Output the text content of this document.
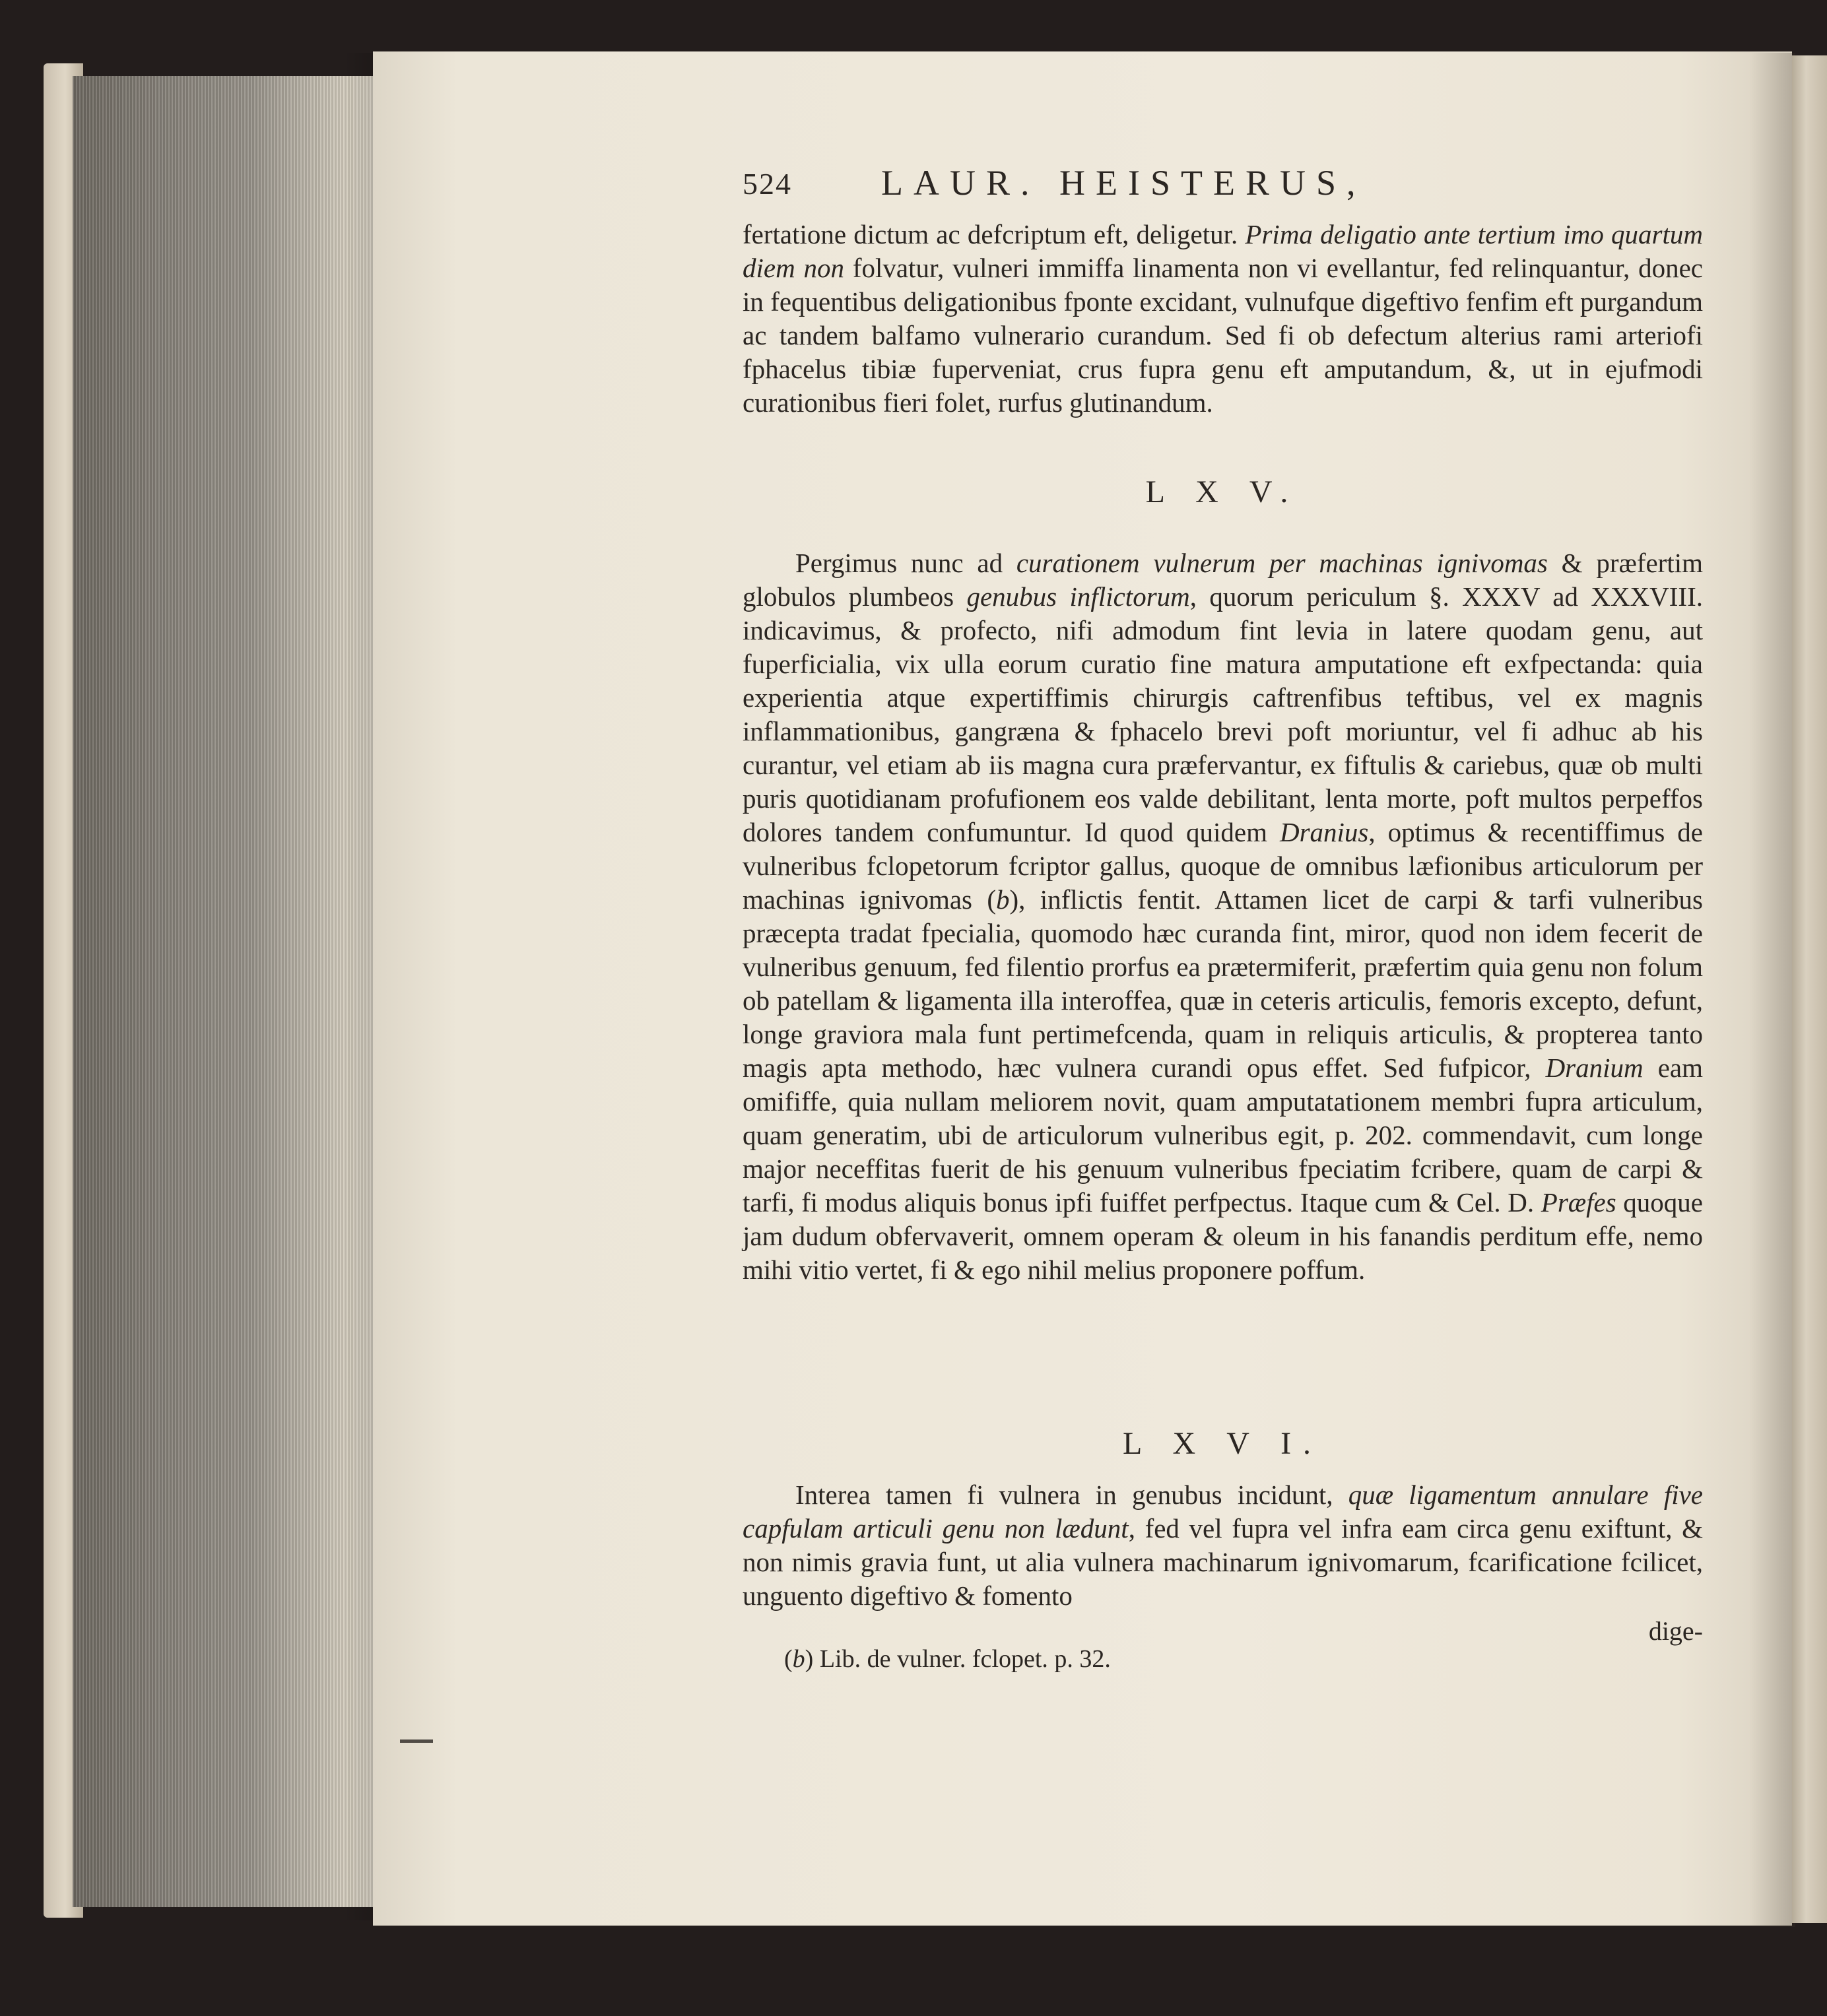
524	LAUR. HEISTERUS,

fertatione dictum ac defcriptum eft, deligetur. Prima deligatio ante tertium imo quartum diem non folvatur, vulneri immiffa linamenta non vi evellantur, fed relinquantur, donec in fequentibus deligationibus fponte excidant, vulnufque digeftivo fenfim eft purgandum ac tandem balfamo vulnerario curandum. Sed fi ob defectum alterius rami arteriofi fphacelus tibiæ fuperveniat, crus fupra genu eft amputandum, &, ut in ejufmodi curationibus fieri folet, rurfus glutinandum.

L X V.

Pergimus nunc ad curationem vulnerum per machinas ignivomas & præfertim globulos plumbeos genubus inflictorum, quorum periculum §. XXXV ad XXXVIII. indicavimus, & profecto, nifi admodum fint levia in latere quodam genu, aut fuperficialia, vix ulla eorum curatio fine matura amputatione eft exfpectanda: quia experientia atque expertiffimis chirurgis caftrenfibus teftibus, vel ex magnis inflammationibus, gangræna & fphacelo brevi poft moriuntur, vel fi adhuc ab his curantur, vel etiam ab iis magna cura præfervantur, ex fiftulis & cariebus, quæ ob multi puris quotidianam profufionem eos valde debilitant, lenta morte, poft multos perpeffos dolores tandem confumuntur. Id quod quidem Dranius, optimus & recentiffimus de vulneribus fclopetorum fcriptor gallus, quoque de omnibus læfionibus articulorum per machinas ignivomas (b), inflictis fentit. Attamen licet de carpi & tarfi vulneribus præcepta tradat fpecialia, quomodo hæc curanda fint, miror, quod non idem fecerit de vulneribus genuum, fed filentio prorfus ea prætermiferit, præfertim quia genu non folum ob patellam & ligamenta illa interoffea, quæ in ceteris articulis, femoris excepto, defunt, longe graviora mala funt pertimefcenda, quam in reliquis articulis, & propterea tanto magis apta methodo, hæc vulnera curandi opus effet. Sed fufpicor, Dranium eam omififfe, quia nullam meliorem novit, quam amputatationem membri fupra articulum, quam generatim, ubi de articulorum vulneribus egit, p. 202. commendavit, cum longe major neceffitas fuerit de his genuum vulneribus fpeciatim fcribere, quam de carpi & tarfi, fi modus aliquis bonus ipfi fuiffet perfpectus. Itaque cum & Cel. D. Præfes quoque jam dudum obfervaverit, omnem operam & oleum in his fanandis perditum effe, nemo mihi vitio vertet, fi & ego nihil melius proponere poffum.

L X V I.

Interea tamen fi vulnera in genubus incidunt, quæ ligamentum annulare five capfulam articuli genu non lædunt, fed vel fupra vel infra eam circa genu exiftunt, & non nimis gravia funt, ut alia vulnera machinarum ignivomarum, fcarificatione fcilicet, unguento digeftivo & fomento

dige-
(b) Lib. de vulner. fclopet. p. 32.
